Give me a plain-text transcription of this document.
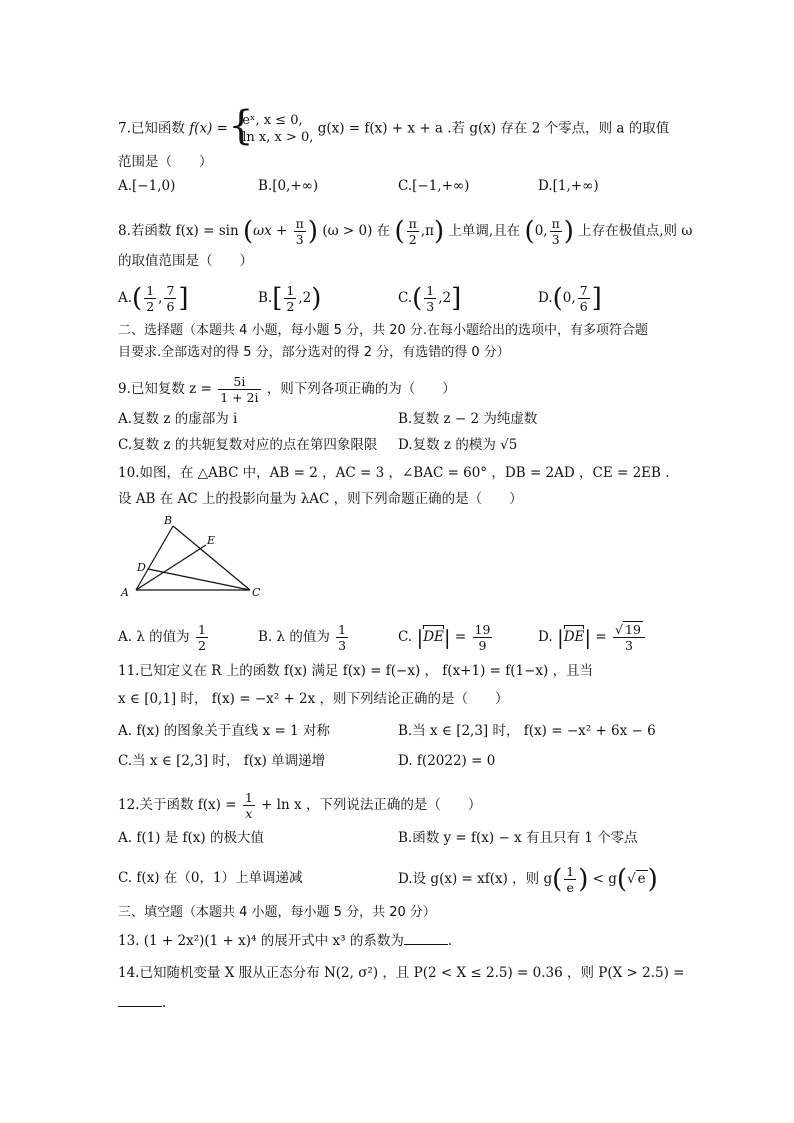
7.已知函数 f(x) =
{ eˣ, x ≤ 0,
ln x, x > 0,
g(x) = f(x) + x + a .若 g(x) 存在 2 个零点，则 a 的取值
范围是（　　）
A.[−1,0)	B.[0,+∞)	C.[−1,+∞)	D.[1,+∞)
8.若函数 $f(x) = \sin (\omega x + \frac{\pi}{3}$ ) (ω > 0) 在 ( $\frac{\pi}{2} ,\pi$) 上单调,且在 (0, $\frac{\pi}{3}$ ) 上存在极值点,则 ω
的取值范围是（　　）
$A.( \frac{1}{2}$ , $\frac{7}{6}$ ]	$B.[ \frac{1}{2} ,2)$	$C.( \frac{1}{3} ,2]$	D.(0, $\frac{7}{6}$ ]
二、选择题（本题共 4 小题，每小题 5 分，共 20 分.在每小题给出的选项中，有多项符合题
目要求.全部选对的得 5 分，部分选对的得 2 分，有选错的得 0 分）
9.已知复数 $z = \frac{5i}{1 + 2i}$ ，则下列各项正确的为（　　）
A.复数 z 的虚部为 i	B.复数 z − 2 为纯虚数
C.复数 z 的共轭复数对应的点在第四象限限 D.复数 z 的模为 √5
10.如图，在 △ABC 中，AB = 2 ，AC = 3 ，∠BAC = 60° ，DB = 2AD ，CE = 2EB .
设 AB 在 AC 上的投影向量为 λAC ，则下列命题正确的是（　　）
B
E
D
A	C
A. λ 的值为 $\frac{1}{2}$	B. λ 的值为 $\frac{1}{3}$	C. $|DE| = \frac{19}{9}$	D. $|DE| = \frac{√ 19}{3}$
11.已知定义在 R 上的函数 f(x) 满足 f(x) = f(−x) ， f(x+1) = f(1−x) ，且当
x ∈ [0,1] 时， f(x) = −x² + 2x ，则下列结论正确的是（　　）
A. f(x) 的图象关于直线 x = 1 对称	B.当 x ∈ [2,3] 时， f(x) = −x² + 6x − 6
C.当 x ∈ [2,3] 时， f(x) 单调递增	D. f(2022) = 0
12.关于函数 $f(x) = \frac{1}{x} + \ln x$ ，下列说法正确的是（　　）
A. f(1) 是 f(x) 的极大值	B.函数 y = f(x) − x 有且只有 1 个零点
C. f(x) 在（0，1）上单调递减	D.设 g(x) = xf(x) ，则 $g( \frac{1}{e}$ ) < g(√ e)
三、填空题（本题共 4 小题，每小题 5 分，共 20 分）
13. (1 + 2x²)(1 + x)⁴ 的展开式中 x³ 的系数为	.
14.已知随机变量 X 服从正态分布 N(2, σ²) ，且 P(2 < X ≤ 2.5) = 0.36 ，则 P(X > 2.5) =
.
